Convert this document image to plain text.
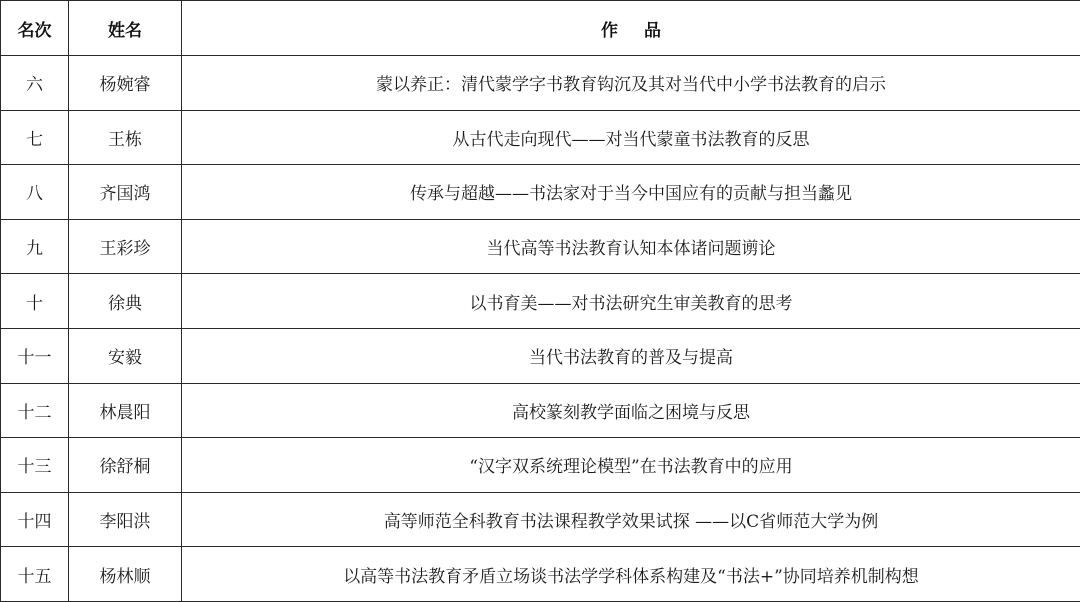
名次	姓名	作品
六	杨婉睿	蒙以养正：清代蒙学字书教育钩沉及其对当代中小学书法教育的启示
七	王栋	从古代走向现代——对当代蒙童书法教育的反思
八	齐国鸿	传承与超越——书法家对于当今中国应有的贡献与担当蠡见
九	王彩珍	当代高等书法教育认知本体诸问题谫论
十	徐典	以书育美——对书法研究生审美教育的思考
十一	安毅	当代书法教育的普及与提高
十二	林晨阳	高校篆刻教学面临之困境与反思
十三	徐舒桐	“汉字双系统理论模型”在书法教育中的应用
十四	李阳洪	高等师范全科教育书法课程教学效果试探 ——以C省师范大学为例
十五	杨林顺	以高等书法教育矛盾立场谈书法学学科体系构建及“书法+”协同培养机制构想
